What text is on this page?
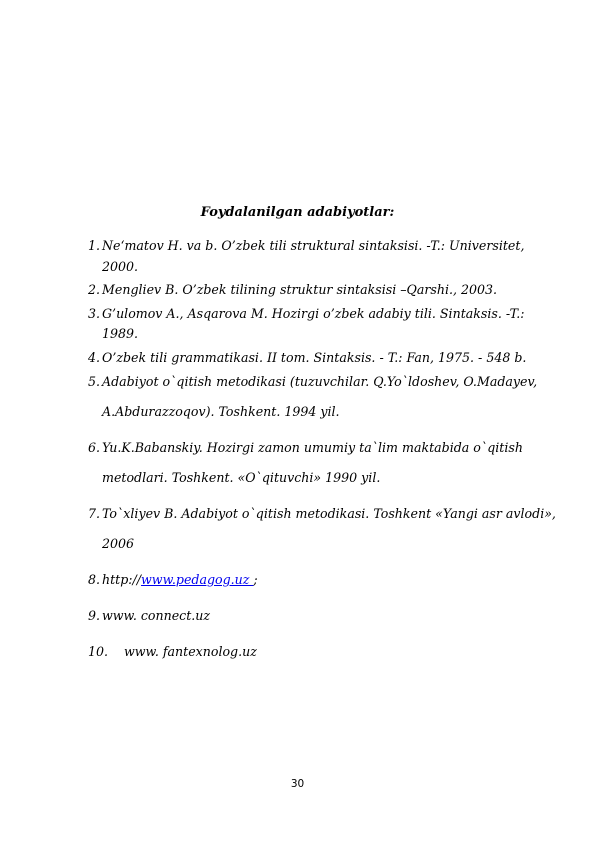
Foydalanilgan adabiyotlar:
1. Ne‘matov H. va b. O’zbek tili struktural sintaksisi. -T.: Universitet, 2000.
2. Mengliev B. O’zbek tilining struktur sintaksisi –Qarshi., 2003.
3. G’ulomov A., Asqarova M. Hozirgi o’zbek adabiy tili. Sintaksis. -T.: 1989.
4. O’zbek tili grammatikasi. II tom. Sintaksis. - T.: Fan, 1975. - 548 b.
5. Adabiyot o`qitish metodikasi (tuzuvchilar. Q.Yo`ldoshev, O.Madayev, A.Abdurazzoqov). Toshkent. 1994 yil.
6. Yu.K.Babanskiy. Hozirgi zamon umumiy ta`lim maktabida o`qitish metodlari. Toshkent. «O`qituvchi» 1990 yil.
7. To`xliyev B. Adabiyot o`qitish metodikasi. Toshkent «Yangi asr avlodi», 2006
8. http://www.pedagog.uz ;
9. www. connect.uz
10. www. fantexnolog.uz
30
